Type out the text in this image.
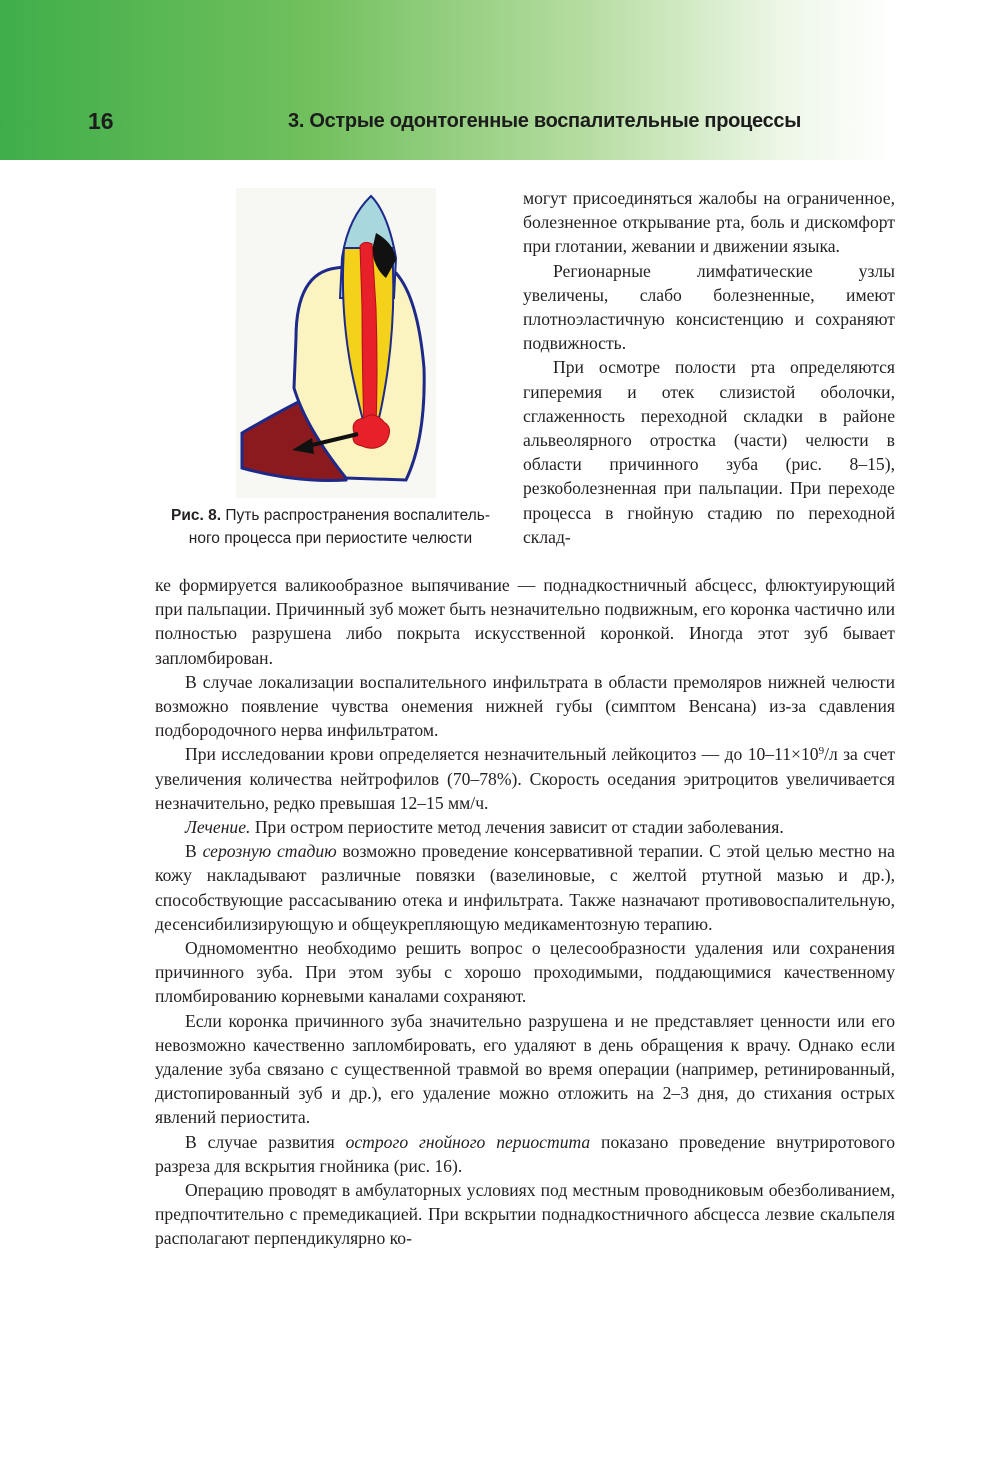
16	3. Острые одонтогенные воспалительные процессы
Рис. 8. Путь распространения воспалитель-
ного процесса при периостите челюсти

могут присоединяться жалобы на ограниченное, болезненное открывание рта, боль и дискомфорт при глотании, жевании и движении языка.

Регионарные лимфатические узлы увеличены, слабо болезненные, имеют плотноэластичную консистенцию и сохраняют подвижность.

При осмотре полости рта определяются гиперемия и отек слизистой оболочки, сглаженность переходной складки в районе альвеолярного отростка (части) челюсти в области причинного зуба (рис. 8–15), резкоболезненная при пальпации. При переходе процесса в гнойную стадию по переходной склад-

ке формируется валикообразное выпячивание — поднадкостничный абсцесс, флюктуирующий при пальпации. Причинный зуб может быть незначительно подвижным, его коронка частично или полностью разрушена либо покрыта искусственной коронкой. Иногда этот зуб бывает запломбирован.

В случае локализации воспалительного инфильтрата в области премоляров нижней челюсти возможно появление чувства онемения нижней губы (симптом Венсана) из-за сдавления подбородочного нерва инфильтратом.

При исследовании крови определяется незначительный лейкоцитоз — до $10-11\times 10^9/л$ за счет увеличения количества нейтрофилов (70–78%). Скорость оседания эритроцитов увеличивается незначительно, редко превышая 12–15 мм/ч.

Лечение. При остром периостите метод лечения зависит от стадии заболевания.

В серозную стадию возможно проведение консервативной терапии. С этой целью местно на кожу накладывают различные повязки (вазелиновые, с желтой ртутной мазью и др.), способствующие рассасыванию отека и инфильтрата. Также назначают противовоспалительную, десенсибилизирующую и общеукрепляющую медикаментозную терапию.

Одномоментно необходимо решить вопрос о целесообразности удаления или сохранения причинного зуба. При этом зубы с хорошо проходимыми, поддающимися качественному пломбированию корневыми каналами сохраняют.

Если коронка причинного зуба значительно разрушена и не представляет ценности или его невозможно качественно запломбировать, его удаляют в день обращения к врачу. Однако если удаление зуба связано с существенной травмой во время операции (например, ретинированный, дистопированный зуб и др.), его удаление можно отложить на 2–3 дня, до стихания острых явлений периостита.

В случае развития острого гнойного периостита показано проведение внутриротового разреза для вскрытия гнойника (рис. 16).

Операцию проводят в амбулаторных условиях под местным проводниковым обезболиванием, предпочтительно с премедикацией. При вскрытии поднадкостничного абсцесса лезвие скальпеля располагают перпендикулярно ко-
